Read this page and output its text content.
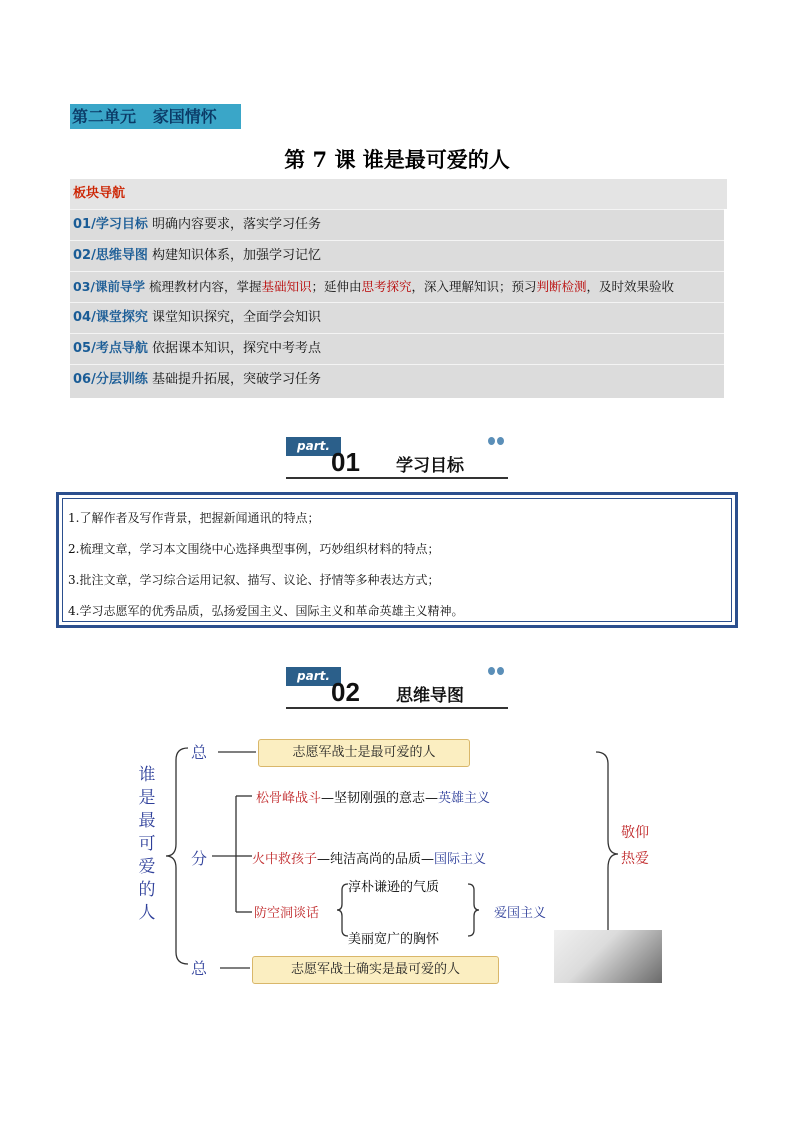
第二单元   家国情怀
第 7 课 谁是最可爱的人
板块导航
01/学习目标 明确内容要求，落实学习任务
02/思维导图 构建知识体系，加强学习记忆
03/课前导学 梳理教材内容，掌握基础知识；延伸由思考探究，深入理解知识；预习判断检测，及时效果验收
04/课堂探究 课堂知识探究，全面学会知识
05/考点导航 依据课本知识，探究中考考点
06/分层训练 基础提升拓展，突破学习任务
part.
01 学习目标
1.了解作者及写作背景，把握新闻通讯的特点；
2.梳理文章，学习本文围绕中心选择典型事例，巧妙组织材料的特点；
3.批注文章，学习综合运用记叙、描写、议论、抒情等多种表达方式；
4.学习志愿军的优秀品质，弘扬爱国主义、国际主义和革命英雄主义精神。
part.
02 思维导图
谁
是
最
可
爱
的
人
总
分
总
志愿军战士是最可爱的人
志愿军战士确实是最可爱的人
松骨峰战斗—坚韧刚强的意志—英雄主义
火中救孩子—纯洁高尚的品质—国际主义
防空洞谈话
淳朴谦逊的气质
美丽宽广的胸怀
爱国主义
敬仰
热爱
